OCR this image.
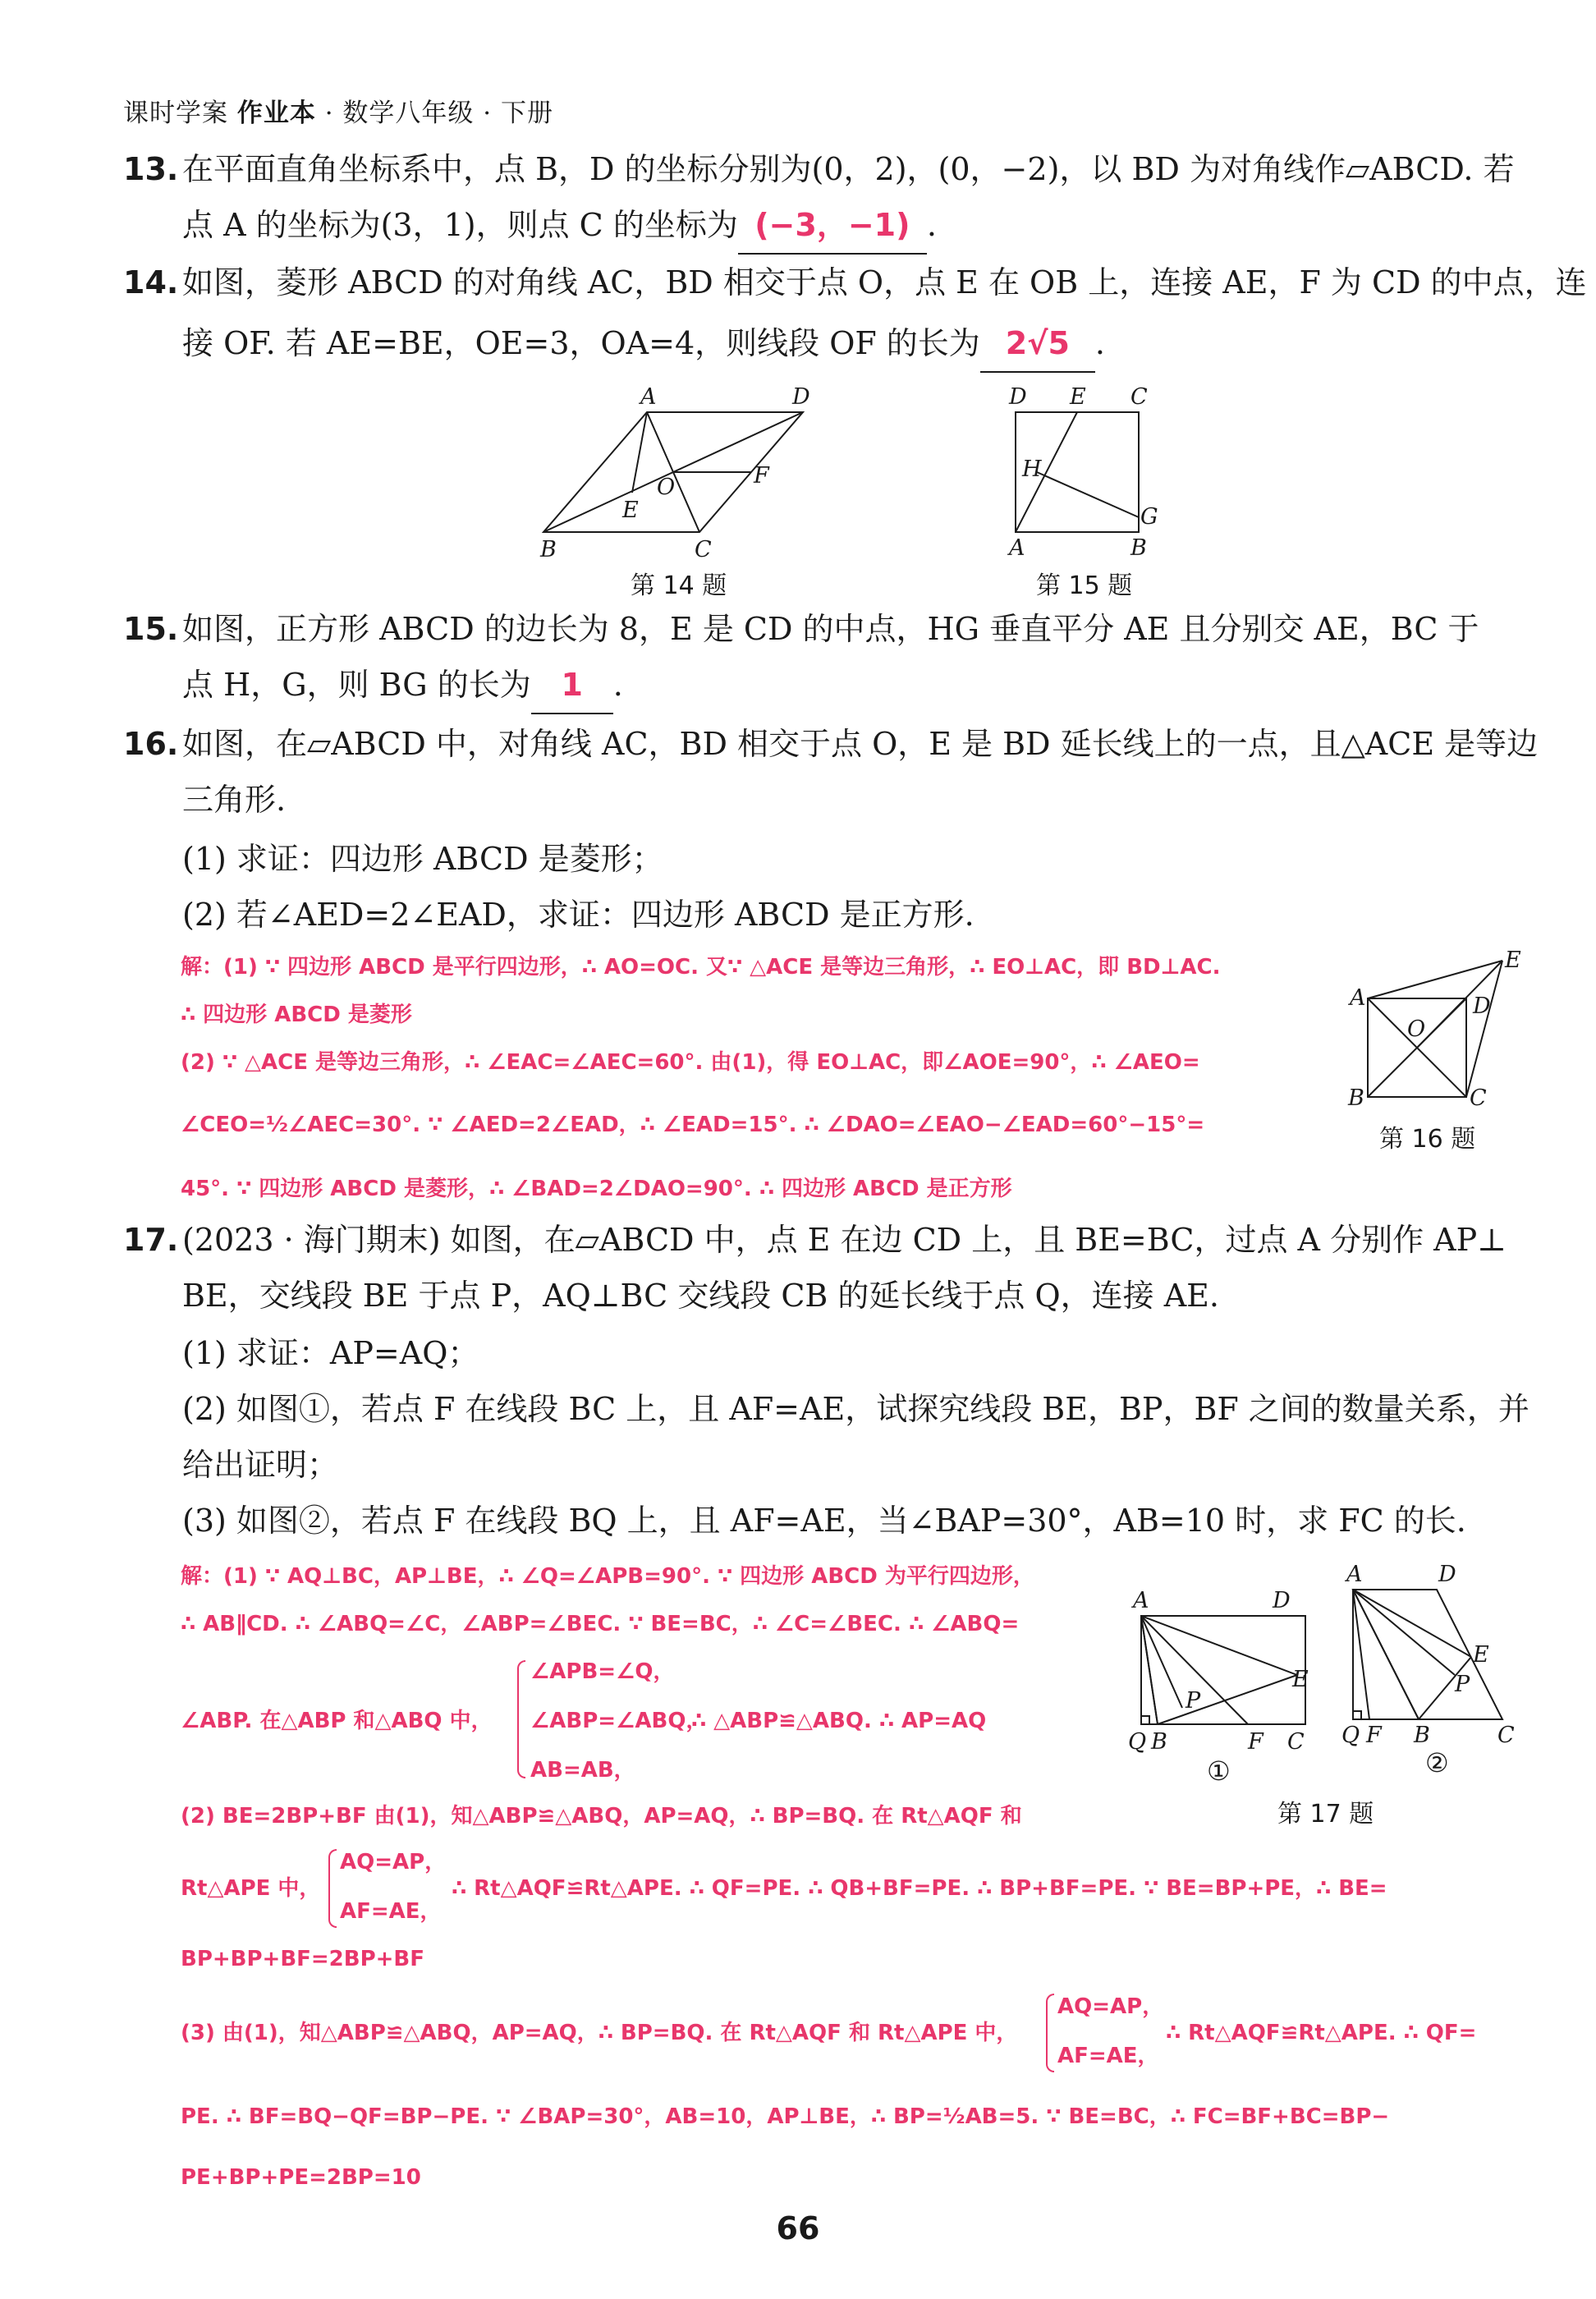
课时学案 作业本 · 数学八年级 · 下册
13. 在平面直角坐标系中，点 B，D 的坐标分别为(0，2)，(0，−2)，以 BD 为对角线作▱ABCD. 若
点 A 的坐标为(3，1)，则点 C 的坐标为 (−3，−1) .
14. 如图，菱形 ABCD 的对角线 AC，BD 相交于点 O，点 E 在 OB 上，连接 AE，F 为 CD 的中点，连
接 OF. 若 AE=BE，OE=3，OA=4，则线段 OF 的长为 2√5 .
A	D
B	C
O
E
F
第 14 题
D E C
A	B
H
G
第 15 题
15. 如图，正方形 ABCD 的边长为 8，E 是 CD 的中点，HG 垂直平分 AE 且分别交 AE，BC 于
点 H，G，则 BG 的长为 1 .
16. 如图，在▱ABCD 中，对角线 AC，BD 相交于点 O，E 是 BD 延长线上的一点，且△ACE 是等边
三角形.
(1) 求证：四边形 ABCD 是菱形；
(2) 若∠AED=2∠EAD，求证：四边形 ABCD 是正方形.
解：(1) ∵ 四边形 ABCD 是平行四边形，∴ AO=OC. 又∵ △ACE 是等边三角形，∴ EO⊥AC，即 BD⊥AC.
∴ 四边形 ABCD 是菱形
(2) ∵ △ACE 是等边三角形，∴ ∠EAC=∠AEC=60°. 由(1)，得 EO⊥AC，即∠AOE=90°，∴ ∠AEO=
∠CEO=½∠AEC=30°. ∵ ∠AED=2∠EAD，∴ ∠EAD=15°. ∴ ∠DAO=∠EAO−∠EAD=60°−15°=
45°. ∵ 四边形 ABCD 是菱形，∴ ∠BAD=2∠DAO=90°. ∴ 四边形 ABCD 是正方形
A	D
E
O
B	C
第 16 题
17. (2023 · 海门期末) 如图，在▱ABCD 中，点 E 在边 CD 上，且 BE=BC，过点 A 分别作 AP⊥
BE，交线段 BE 于点 P，AQ⊥BC 交线段 CB 的延长线于点 Q，连接 AE.
(1) 求证：AP=AQ；
(2) 如图①，若点 F 在线段 BC 上，且 AF=AE，试探究线段 BE，BP，BF 之间的数量关系，并
给出证明；
(3) 如图②，若点 F 在线段 BQ 上，且 AF=AE，当∠BAP=30°，AB=10 时，求 FC 的长.
解：(1) ∵ AQ⊥BC，AP⊥BE，∴ ∠Q=∠APB=90°. ∵ 四边形 ABCD 为平行四边形，
∴ AB∥CD. ∴ ∠ABQ=∠C，∠ABP=∠BEC. ∵ BE=BC，∴ ∠C=∠BEC. ∴ ∠ABQ=
∠ABP. 在△ABP 和△ABQ 中，
∠APB=∠Q，
∠ABP=∠ABQ，
AB=AB，
∴ △ABP≌△ABQ. ∴ AP=AQ
(2) BE=2BP+BF 由(1)，知△ABP≌△ABQ，AP=AQ，∴ BP=BQ. 在 Rt△AQF 和
Rt△APE 中，
AQ=AP，
AF=AE，
∴ Rt△AQF≌Rt△APE. ∴ QF=PE. ∴ QB+BF=PE. ∴ BP+BF=PE. ∵ BE=BP+PE，∴ BE=
BP+BP+BF=2BP+BF
(3) 由(1)，知△ABP≌△ABQ，AP=AQ，∴ BP=BQ. 在 Rt△AQF 和 Rt△APE 中，
AQ=AP，
AF=AE，
∴ Rt△AQF≌Rt△APE. ∴ QF=
PE. ∴ BF=BQ−QF=BP−PE. ∵ ∠BAP=30°，AB=10，AP⊥BE，∴ BP=½AB=5. ∵ BE=BC，∴ FC=BF+BC=BP−
PE+BP+PE=2BP=10
A	D
E
P
Q B	F C
①
A	D
E
P
Q F B	C
②
第 17 题
66
